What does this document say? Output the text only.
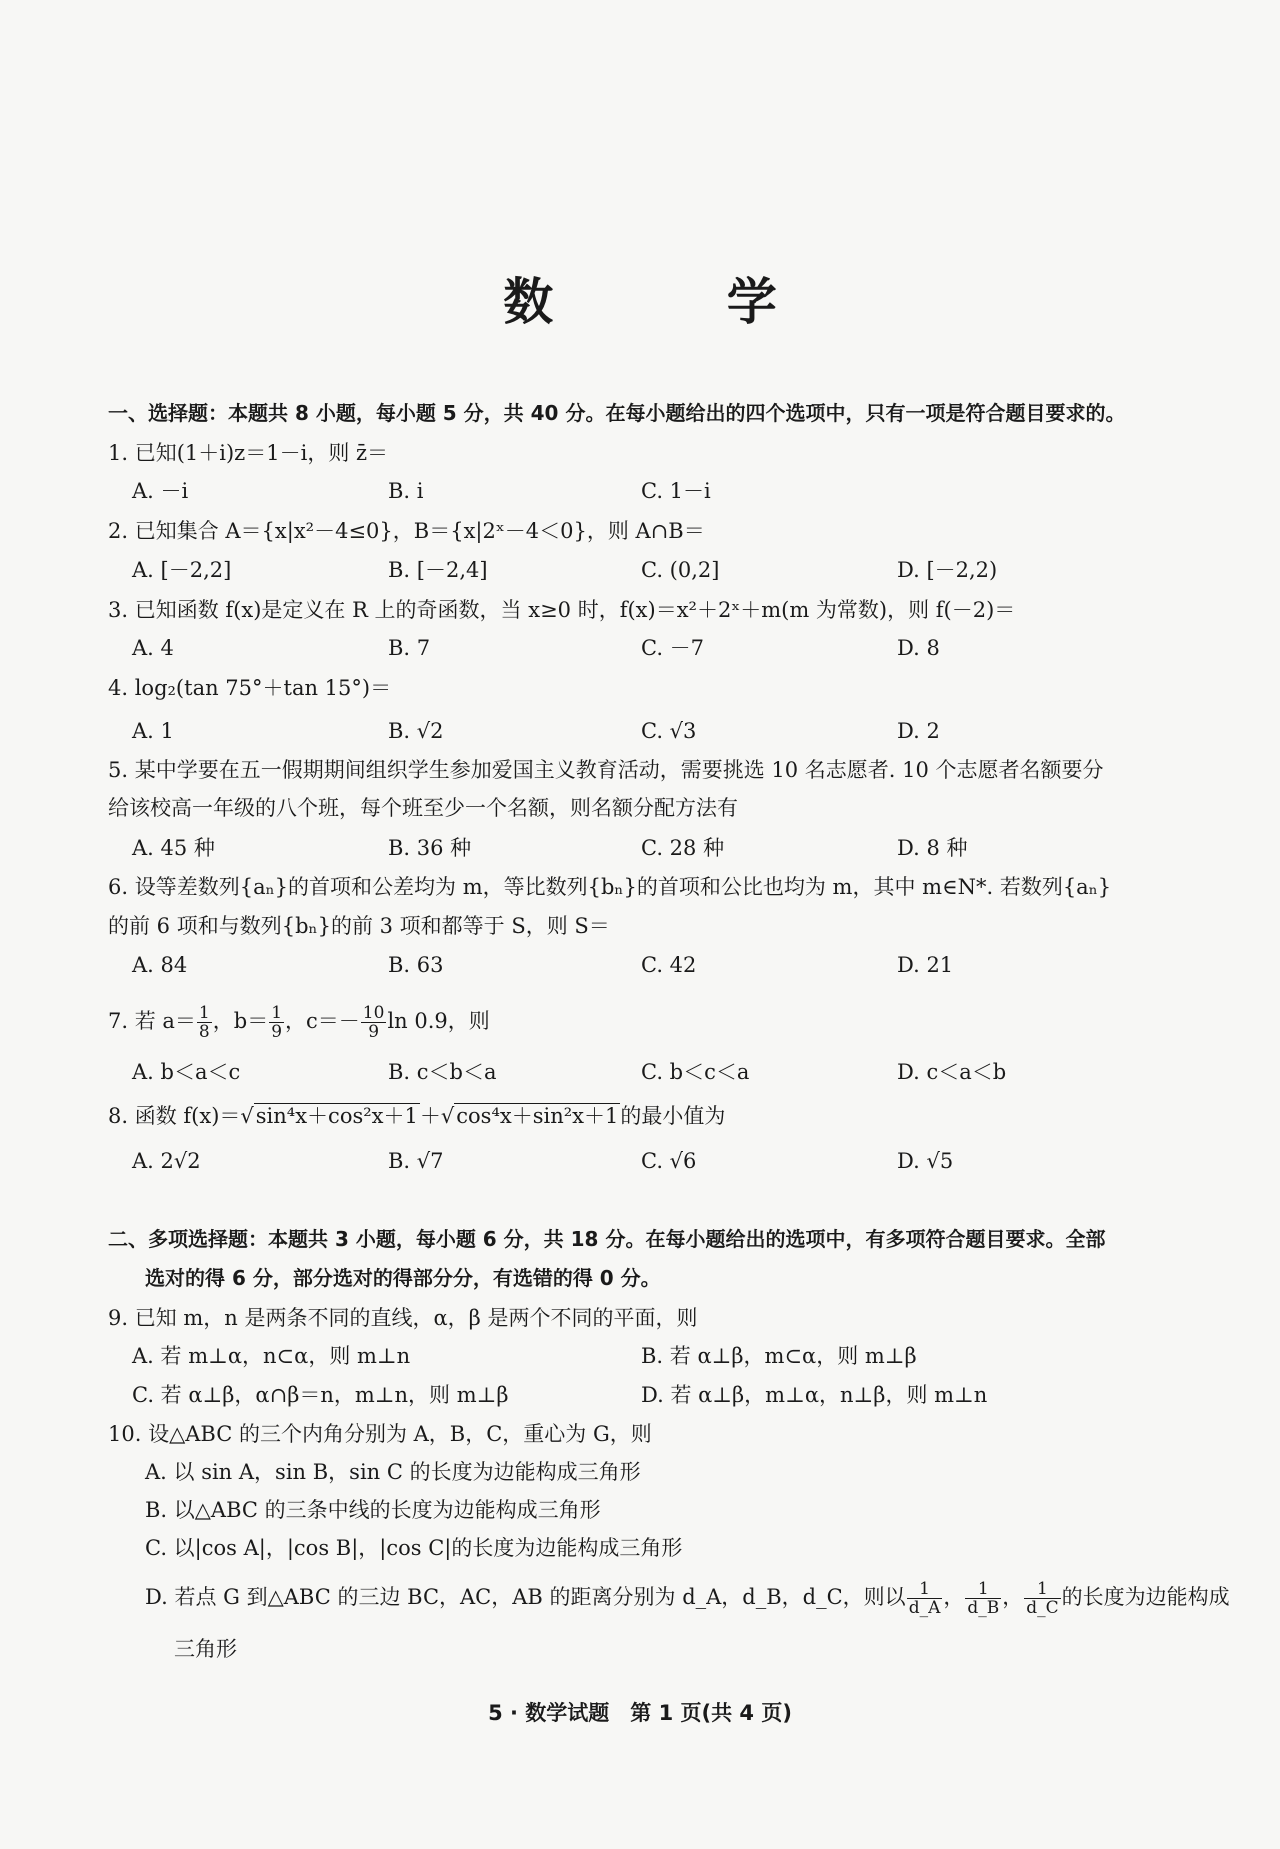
数 学
一、选择题：本题共 8 小题，每小题 5 分，共 40 分。在每小题给出的四个选项中，只有一项是符合题目要求的。
1. 已知(1＋i)z＝1－i，则 z̄＝
A. －i	B. i	C. 1－i
2. 已知集合 A＝{x|x²－4≤0}，B＝{x|2ˣ－4＜0}，则 A∩B＝
A. [－2,2]	B. [－2,4]	C. (0,2]	D. [－2,2)
3. 已知函数 f(x)是定义在 R 上的奇函数，当 x≥0 时，f(x)＝x²＋2ˣ＋m(m 为常数)，则 f(－2)＝
A. 4	B. 7	C. －7	D. 8
4. log₂(tan 75°＋tan 15°)＝
A. 1	B. √2	C. √3	D. 2
5. 某中学要在五一假期期间组织学生参加爱国主义教育活动，需要挑选 10 名志愿者. 10 个志愿者名额要分
给该校高一年级的八个班，每个班至少一个名额，则名额分配方法有
A. 45 种	B. 36 种	C. 28 种	D. 8 种
6. 设等差数列{aₙ}的首项和公差均为 m，等比数列{bₙ}的首项和公比也均为 m，其中 m∈N*. 若数列{aₙ}
的前 6 项和与数列{bₙ}的前 3 项和都等于 S，则 S＝
A. 84	B. 63	C. 42	D. 21
7. 若 $a= \frac{1}{8}$ ，$b= \frac{1}{9}$ ，$c=- \frac{10}{9}$ ln 0.9，则
A. b＜a＜c	B. c＜b＜a	C. b＜c＜a	D. c＜a＜b
8. 函数 f(x)＝√sin⁴x＋cos²x＋1＋√cos⁴x＋sin²x＋1的最小值为
A. 2√2	B. √7	C. √6	D. √5
二、多项选择题：本题共 3 小题，每小题 6 分，共 18 分。在每小题给出的选项中，有多项符合题目要求。全部
选对的得 6 分，部分选对的得部分分，有选错的得 0 分。
9. 已知 m，n 是两条不同的直线，α，β 是两个不同的平面，则
A. 若 m⊥α，n⊂α，则 m⊥n	B. 若 α⊥β，m⊂α，则 m⊥β
C. 若 α⊥β，α∩β＝n，m⊥n，则 m⊥β	D. 若 α⊥β，m⊥α，n⊥β，则 m⊥n
10. 设△ABC 的三个内角分别为 A，B，C，重心为 G，则
A. 以 sin A，sin B，sin C 的长度为边能构成三角形
B. 以△ABC 的三条中线的长度为边能构成三角形
C. 以|cos A|，|cos B|，|cos C|的长度为边能构成三角形
D. 若点 G 到△ABC 的三边 BC，AC，AB 的距离分别为 d_A，d_B，d_C，则以 $\frac{1}{d\_A}$ ， $\frac{1}{d\_B}$ ， $\frac{1}{d\_C}$ 的长度为边能构成
三角形
5 · 数学试题　第 1 页(共 4 页)
